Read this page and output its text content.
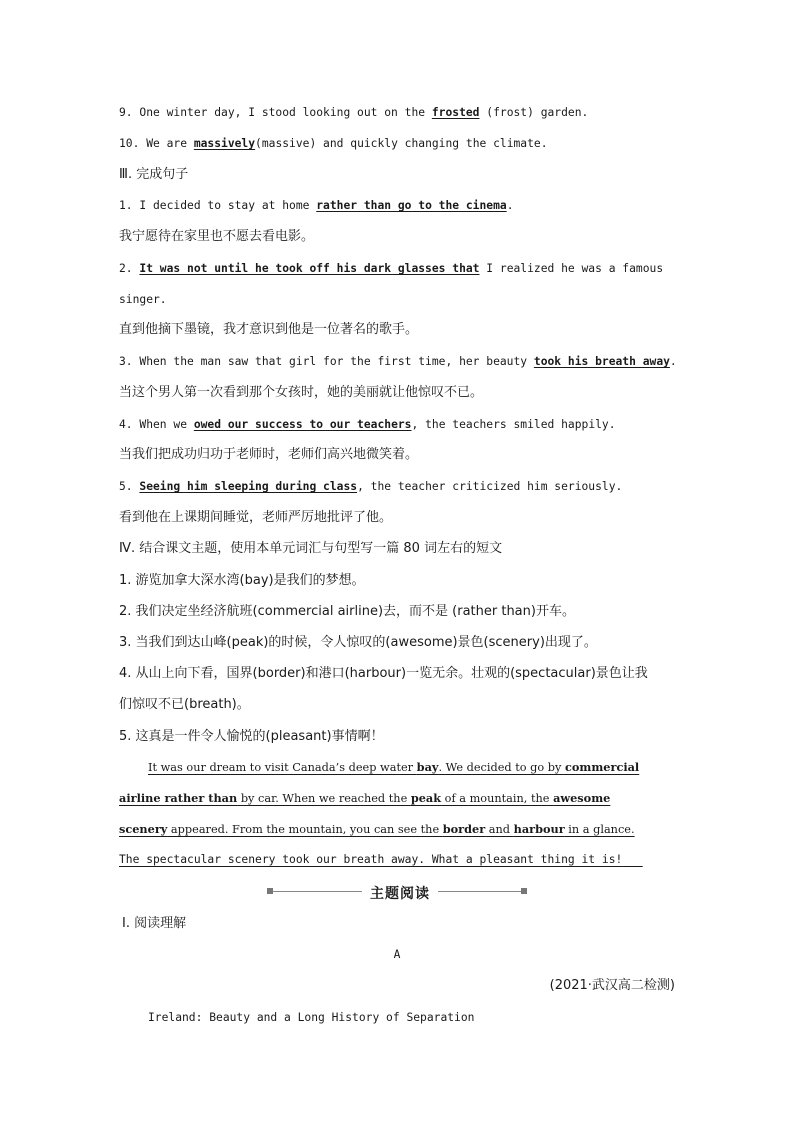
9. One winter day, I stood looking out on the frosted (frost) garden.
10. We are massively(massive) and quickly changing the climate.
Ⅲ. 完成句子
1. I decided to stay at home rather than go to the cinema.
我宁愿待在家里也不愿去看电影。
2. It was not until he took off his dark glasses that I realized he was a famous
singer.
直到他摘下墨镜，我才意识到他是一位著名的歌手。
3. When the man saw that girl for the first time, her beauty took his breath away.
当这个男人第一次看到那个女孩时，她的美丽就让他惊叹不已。
4. When we owed our success to our teachers, the teachers smiled happily.
当我们把成功归功于老师时，老师们高兴地微笑着。
5. Seeing him sleeping during class, the teacher criticized him seriously.
看到他在上课期间睡觉，老师严厉地批评了他。
Ⅳ. 结合课文主题，使用本单元词汇与句型写一篇 80 词左右的短文
1. 游览加拿大深水湾(bay)是我们的梦想。
2. 我们决定坐经济航班(commercial airline)去，而不是 (rather than)开车。
3. 当我们到达山峰(peak)的时候，令人惊叹的(awesome)景色(scenery)出现了。
4. 从山上向下看，国界(border)和港口(harbour)一览无余。壮观的(spectacular)景色让我
们惊叹不已(breath)。
5. 这真是一件令人愉悦的(pleasant)事情啊！
It was our dream to visit Canada’s deep water bay. We decided to go by commercial
airline rather than by car. When we reached the peak of a mountain, the awesome
scenery appeared. From the mountain, you can see the border and harbour in a glance.
The spectacular scenery took our breath away. What a pleasant thing it is!
主题阅读
Ⅰ. 阅读理解
A
(2021·武汉高二检测)
Ireland: Beauty and a Long History of Separation
